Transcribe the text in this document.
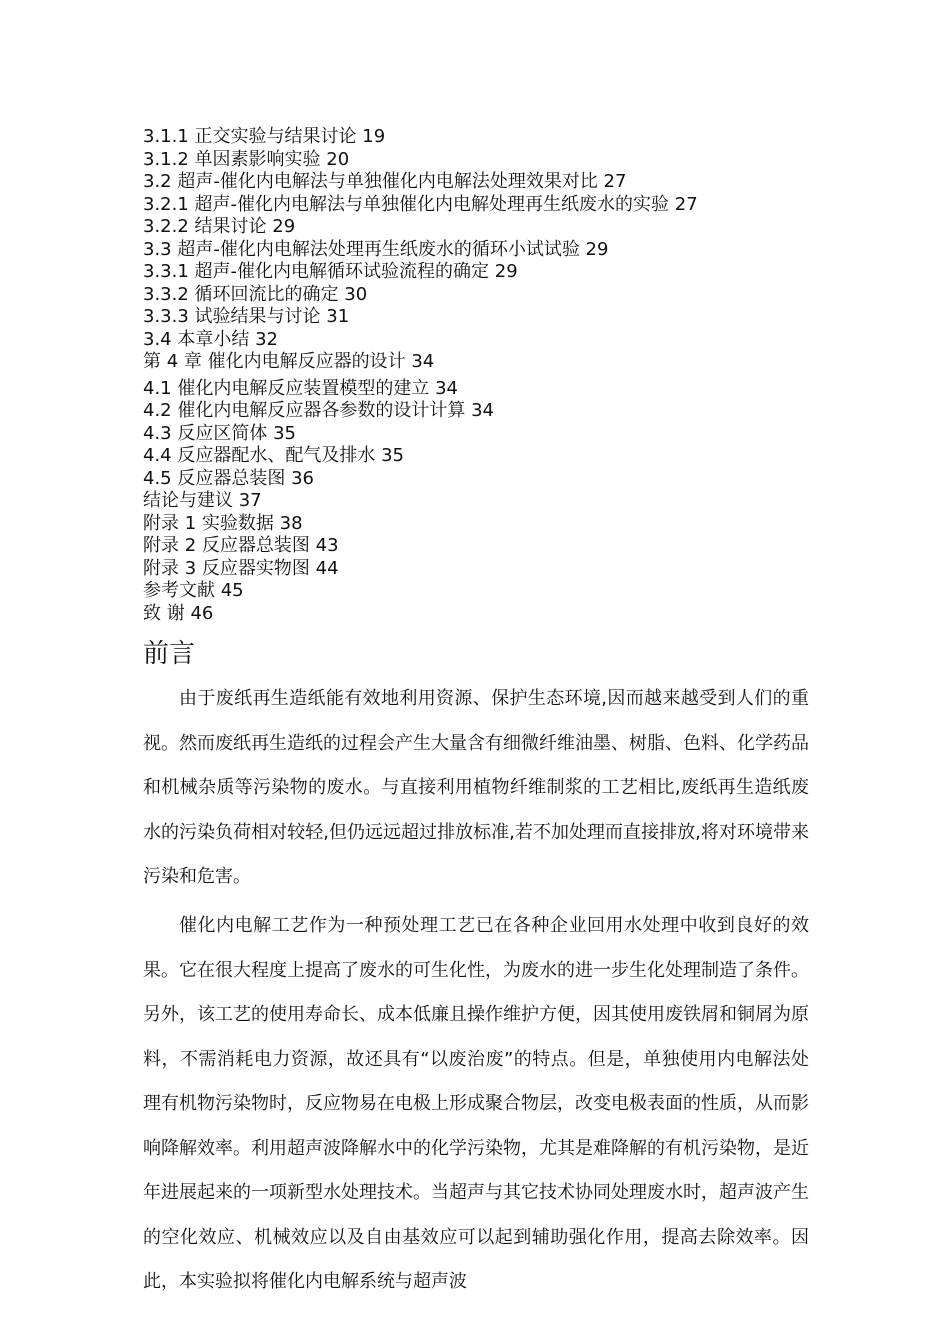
3.1.1 正交实验与结果讨论 19
3.1.2 单因素影响实验 20
3.2 超声-催化内电解法与单独催化内电解法处理效果对比 27
3.2.1 超声-催化内电解法与单独催化内电解处理再生纸废水的实验 27
3.2.2 结果讨论 29
3.3 超声-催化内电解法处理再生纸废水的循环小试试验 29
3.3.1 超声-催化内电解循环试验流程的确定 29
3.3.2 循环回流比的确定 30
3.3.3 试验结果与讨论 31
3.4 本章小结 32
第 4 章 催化内电解反应器的设计 34
4.1 催化内电解反应装置模型的建立 34
4.2 催化内电解反应器各参数的设计计算 34
4.3 反应区简体 35
4.4 反应器配水、配气及排水 35
4.5 反应器总装图 36
结论与建议 37
附录 1 实验数据 38
附录 2 反应器总装图 43
附录 3 反应器实物图 44
参考文献 45
致 谢 46
前言

由于废纸再生造纸能有效地利用资源、保护生态环境,因而越来越受到人们的重视。然而废纸再生造纸的过程会产生大量含有细微纤维油墨、树脂、色料、化学药品和机械杂质等污染物的废水。与直接利用植物纤维制浆的工艺相比,废纸再生造纸废水的污染负荷相对较轻,但仍远远超过排放标准,若不加处理而直接排放,将对环境带来污染和危害。

催化内电解工艺作为一种预处理工艺已在各种企业回用水处理中收到良好的效果。它在很大程度上提高了废水的可生化性，为废水的进一步生化处理制造了条件。另外，该工艺的使用寿命长、成本低廉且操作维护方便，因其使用废铁屑和铜屑为原料，不需消耗电力资源，故还具有“以废治废”的特点。但是，单独使用内电解法处理有机物污染物时，反应物易在电极上形成聚合物层，改变电极表面的性质，从而影响降解效率。利用超声波降解水中的化学污染物，尤其是难降解的有机污染物，是近年进展起来的一项新型水处理技术。当超声与其它技术协同处理废水时，超声波产生的空化效应、机械效应以及自由基效应可以起到辅助强化作用，提高去除效率。因此，本实验拟将催化内电解系统与超声波
